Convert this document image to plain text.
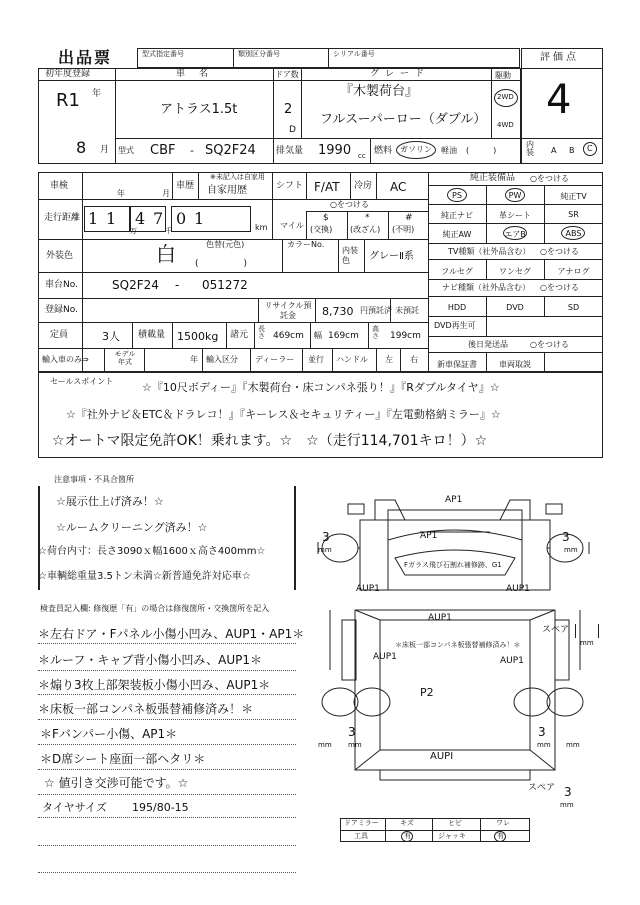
出品票	型式指定番号	類別区分番号	シリアル番号	評価点
4
初年度登録
R1 年
8 月
車名
アトラス1.5t
ドア数
2
D
グレード
『木製荷台』
フルスーパーロー（ダブル）
駆動
2WD
4WD
型式 CBF - SQ2F24 排気量 1990 cc 燃料 ガソリン 軽油 (　　　)
内装 A B C
車検
年	月
車歴
※未記入は自家用
自家用歴	シフト F/AT 冷房 AC
走行距離 1 1 4 7 0 1
万	千	km マイル
○をつける
$
(交換)
*
(改ざん)
#
(不明)
外装色	白	色替(元色)
(　　　　　)
カラーNo.
内装色	グレーⅡ系
車台No.	SQ2F24 - 051272
登録No.	リサイクル預託金	8,730 円預託済 未預託
定員	3人 積載量 1500kg 諸元
長さ 469cm 幅 169cm
高さ 199cm
輸入車のみ⇒
モデル年式	年 輸入区分 ディーラー 並行 ハンドル 左 右
純正装備品 ○をつける
PS	PW	純正TV
純正ナビ	革シート	SR
純正AW	エアB	ABS
TV種類（社外品含む） ○をつける
フルセグ	ワンセグ	アナログ
ナビ種類（社外品含む） ○をつける
HDD	DVD	SD
DVD再生可
後日発送品	○をつける
新車保証書	車両取説
セールスポイント	☆『10尺ボディー』『木製荷台・床コンパネ張り！』『Rダブルタイヤ』☆
☆『社外ナビ＆ETC＆ドラレコ！』『キーレス＆セキュリティー』『左電動格納ミラー』☆
☆オートマ限定免許OK！乗れます。☆　☆（走行114,701キロ！）☆
注意事項・不具合箇所
☆展示仕上げ済み！☆
☆ルームクリーニング済み！☆
☆荷台内寸：長さ3090ｘ幅1600ｘ高さ400mm☆
☆車輌総重量3.5トン未満☆新普通免許対応車☆
検査員記入欄: 修復歴「有」の場合は修復箇所・交換箇所を記入
＊左右ドア・Fパネル小傷小凹み、AUP1・AP1＊
＊ルーフ・キャブ背小傷小凹み、AUP1＊
＊煽り3枚上部架装板小傷小凹み、AUP1＊
＊床板一部コンパネ板張替補修済み！＊
＊Fバンパー小傷、AP1＊
＊D席シート座面一部ヘタリ＊
☆ 値引き交渉可能です。☆
タイヤサイズ 195/80-15
AP1
AP1
Fガラス飛び石割れ補修跡、G1
AUP1	AUP1
AUP1
AUP1	AUP1
＊床板一部コンパネ板張替補修済み！＊
P2
AUPI
3
mm
3
mm
3
mm
mm
3
mm mm
スペア
mm
スペア 3
mm
ドアミラー	キズ	ヒビ	ワレ
工具	有	ジャッキ	有
